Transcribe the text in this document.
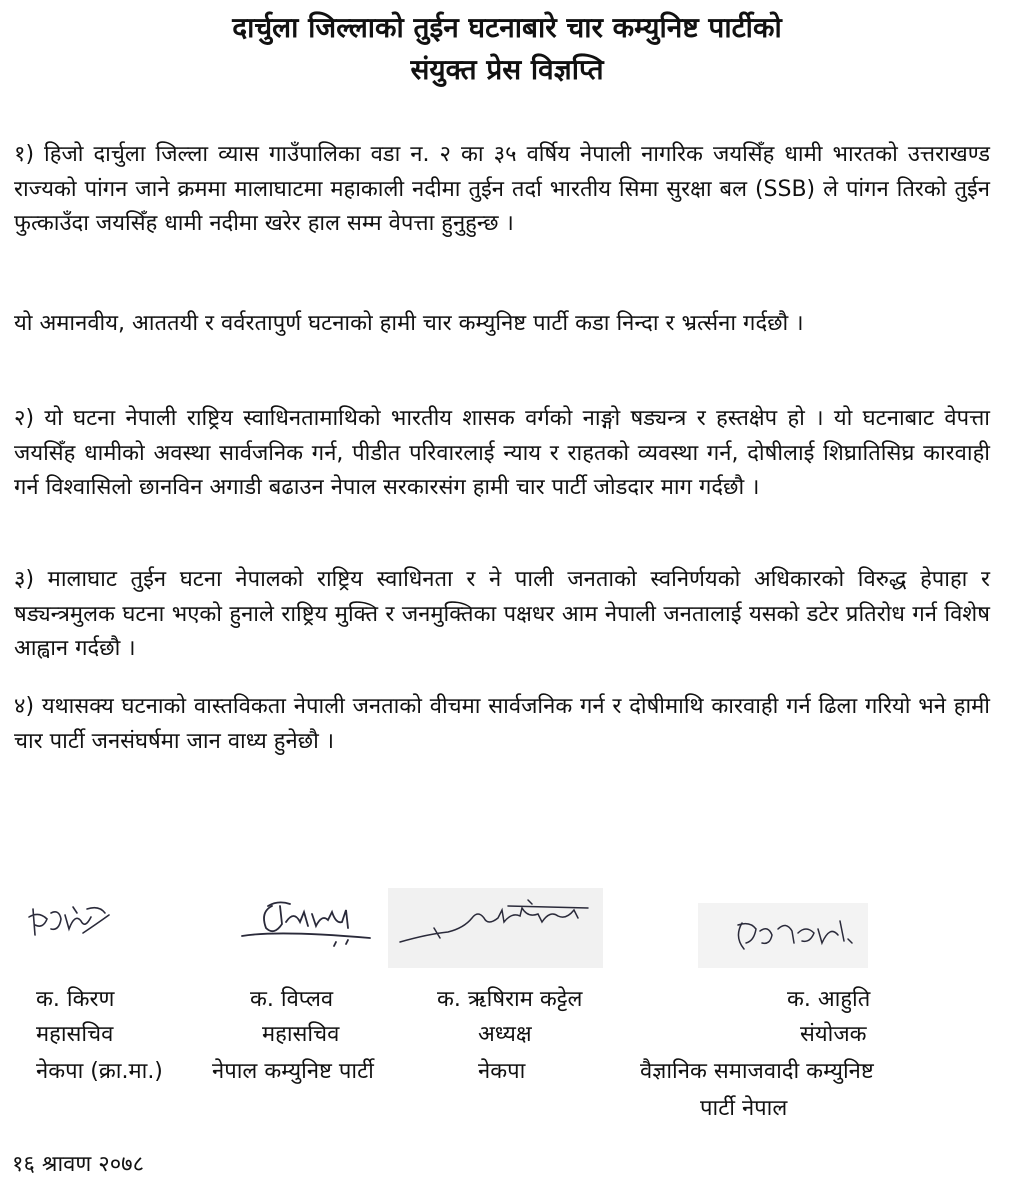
दार्चुला जिल्लाको तुईन घटनाबारे चार कम्युनिष्ट पार्टीको
संयुक्त प्रेस विज्ञप्ति

१) हिजो दार्चुला जिल्ला व्यास गाउँपालिका वडा न. २ का ३५ वर्षिय नेपाली नागरिक जयसिँह धामी भारतको उत्तराखण्ड राज्यको पांगन जाने क्रममा मालाघाटमा महाकाली नदीमा तुईन तर्दा भारतीय सिमा सुरक्षा बल (SSB) ले पांगन तिरको तुईन फुत्काउँदा जयसिँह धामी नदीमा खरेर हाल सम्म वेपत्ता हुनुहुन्छ ।

यो अमानवीय, आततयी र वर्वरतापुर्ण घटनाको हामी चार कम्युनिष्ट पार्टी कडा निन्दा र भ्रर्त्सना गर्दछौ ।

२) यो घटना नेपाली राष्ट्रिय स्वाधिनतामाथिको भारतीय शासक वर्गको नाङ्गो षड्यन्त्र र हस्तक्षेप हो । यो घटनाबाट वेपत्ता जयसिँह धामीको अवस्था सार्वजनिक गर्न, पीडीत परिवारलाई न्याय र राहतको व्यवस्था गर्न, दोषीलाई शिघ्रातिसिघ्र कारवाही गर्न विश्वासिलो छानविन अगाडी बढाउन नेपाल सरकारसंग हामी चार पार्टी जोडदार माग गर्दछौ ।

३) मालाघाट तुईन घटना नेपालको राष्ट्रिय स्वाधिनता र ने पाली जनताको स्वनिर्णयको अधिकारको विरुद्ध हेपाहा र षड्यन्त्रमुलक घटना भएको हुनाले राष्ट्रिय मुक्ति र जनमुक्तिका पक्षधर आम नेपाली जनतालाई यसको डटेर प्रतिरोध गर्न विशेष आह्वान गर्दछौ ।

४) यथासक्य घटनाको वास्तविकता नेपाली जनताको वीचमा सार्वजनिक गर्न र दोषीमाथि कारवाही गर्न ढिला गरियो भने हामी चार पार्टी जनसंघर्षमा जान वाध्य हुनेछौ ।

क. किरण

महासचिव

नेकपा (क्रा.मा.)

क. विप्लव

महासचिव

नेपाल कम्युनिष्ट पार्टी

क. ऋषिराम कट्टेल

अध्यक्ष

नेकपा

क. आहुति

संयोजक

वैज्ञानिक समाजवादी कम्युनिष्ट

पार्टी नेपाल

१६ श्रावण २०७८
